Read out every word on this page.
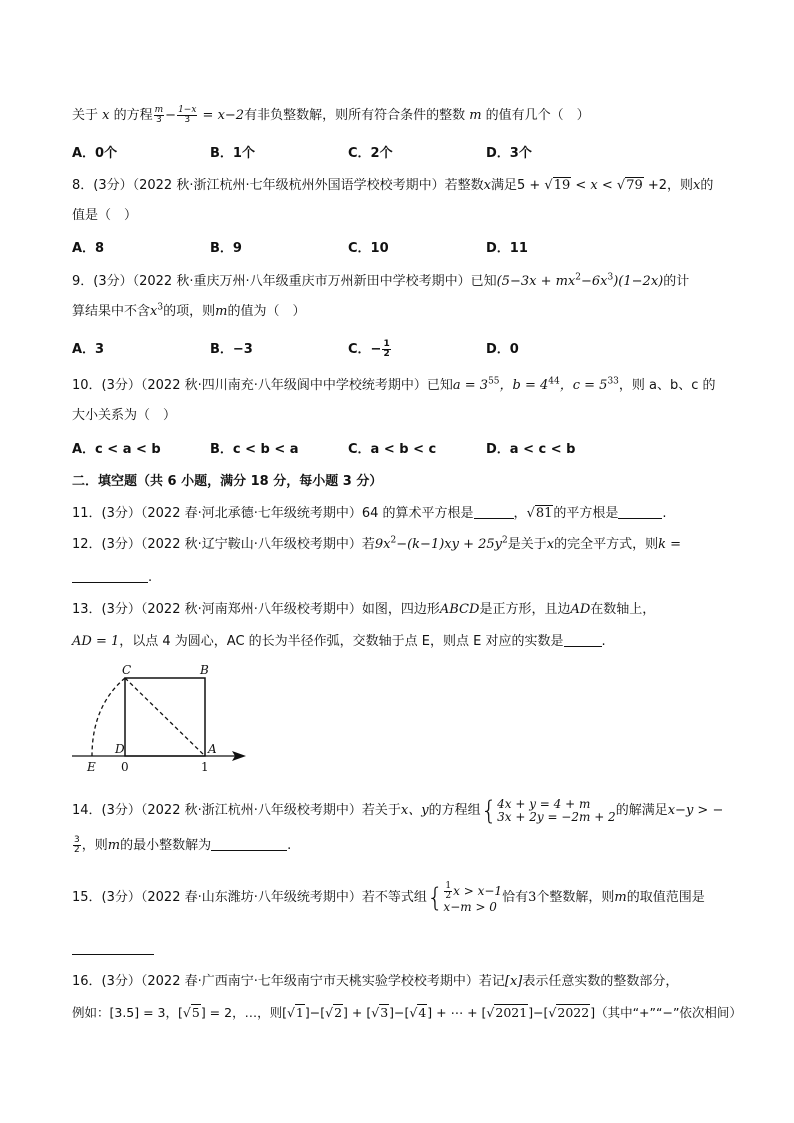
关于 x 的方程 $\frac{m}{3} - \frac{1-x}{3} = x-2$有非负整数解，则所有符合条件的整数 m 的值有几个（　）
A．0个	B．1个	C．2个	D．3个
8．(3分）（2022 秋·浙江杭州·七年级杭州外国语学校校考期中）若整数x满足5 + √19 < x < √79 +2，则x的
值是（　）
A．8	B．9	C．10	D．11
9．(3分）（2022 秋·重庆万州·八年级重庆市万州新田中学校考期中）已知$(5-3x + mx^2-6x^3)(1-2x)$的计
算结果中不含$x^3$的项，则m的值为（　）
A．3	B．−3	C．− $\frac{1}{2}$	D．0
10．(3分）（2022 秋·四川南充·八年级阆中中学校统考期中）已知$a = 3^{55}$，$b = 4^{44}$，$c = 5^{33}$，则 a、b、c 的
大小关系为（　）
A．c < a < b	B．c < b < a	C．a < b < c	D．a < c < b
二．填空题（共 6 小题，满分 18 分，每小题 3 分）
11．(3分）（2022 春·河北承德·七年级统考期中）64 的算术平方根是	，√81的平方根是	.
12．(3分）（2022 秋·辽宁鞍山·八年级校考期中）若$9x^2-(k-1)xy + 25y^2$是关于x的完全平方式，则k =
.
13．(3分）（2022 秋·河南郑州·八年级校考期中）如图，四边形ABCD是正方形，且边AD在数轴上，
AD = 1，以点 4 为圆心，AC 的长为半径作弧，交数轴于点 E，则点 E 对应的实数是	.
C	B
D	A
E 0	1
14．(3分）（2022 秋·浙江杭州·八年级校考期中）若关于x、y的方程组{ 4x + y = 4 + m
3x + 2y = −2m + 2 的解满足x−y > −
$\frac{3}{2}$ ，则m的最小整数解为	.
15．(3分）（2022 春·山东潍坊·八年级统考期中）若不等式组{ $\frac{1}{2}$ x > x−1
x−m > 0
恰有3个整数解，则m的取值范围是
16．(3分）（2022 春·广西南宁·七年级南宁市天桃实验学校校考期中）若记[x]表示任意实数的整数部分，
例如：[3.5] = 3，[√5] = 2，…，则[√1]−[√2] + [√3]−[√4] + ⋯ + [√2021]−[√2022]（其中“+”“−”依次相间）
